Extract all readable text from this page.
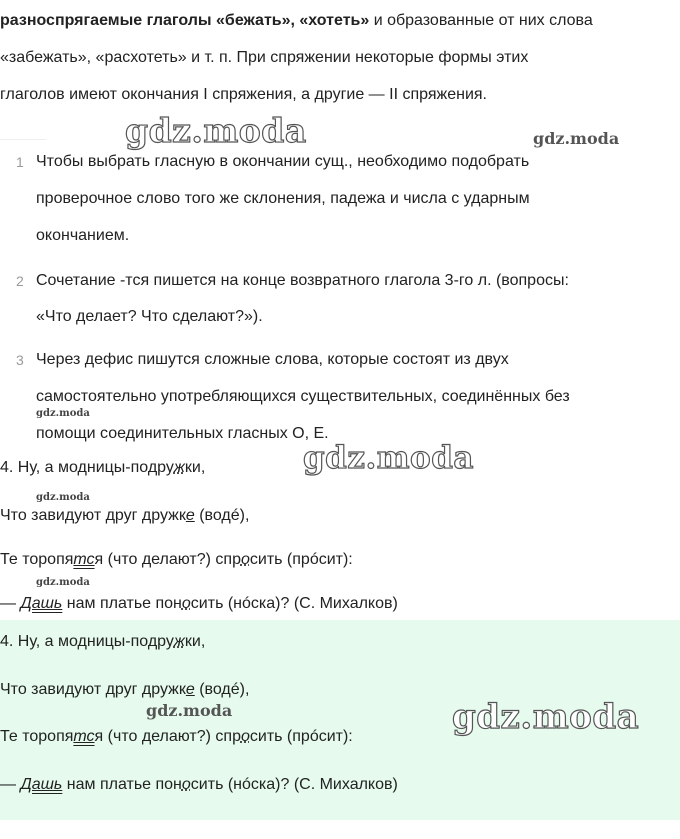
разноспрягаемые глаголы «бежать», «хотеть» и образованные от них слова
«забежать», «расхотеть» и т. п. При спряжении некоторые формы этих
глаголов имеют окончания I спряжения, а другие — II спряжения.
gdz.moda	gdz.moda
1 Чтобы выбрать гласную в окончании сущ., необходимо подобрать
проверочное слово того же склонения, падежа и числа с ударным
окончанием.
2 Сочетание -тся пишется на конце возвратного глагола 3-го л. (вопросы:
«Что делает? Что сделают?»).
3 Через дефис пишутся сложные слова, которые состоят из двух
самостоятельно употребляющихся существительных, соединённых без
gdz.moda
помощи соединительных гласных О, Е.
4. Ну, а модницы-подружки,	gdz.moda
gdz.moda
Что завидуют друг дружке (водé),
Те торопятся (что делают?) спросить (прóсит):
gdz.moda
— Дашь нам платье поносить (нóска)? (С. Михалков)
4. Ну, а модницы-подружки,
Что завидуют друг дружке (водé),
gdz.moda	gdz.moda
Те торопятся (что делают?) спросить (прóсит):
— Дашь нам платье поносить (нóска)? (С. Михалков)
